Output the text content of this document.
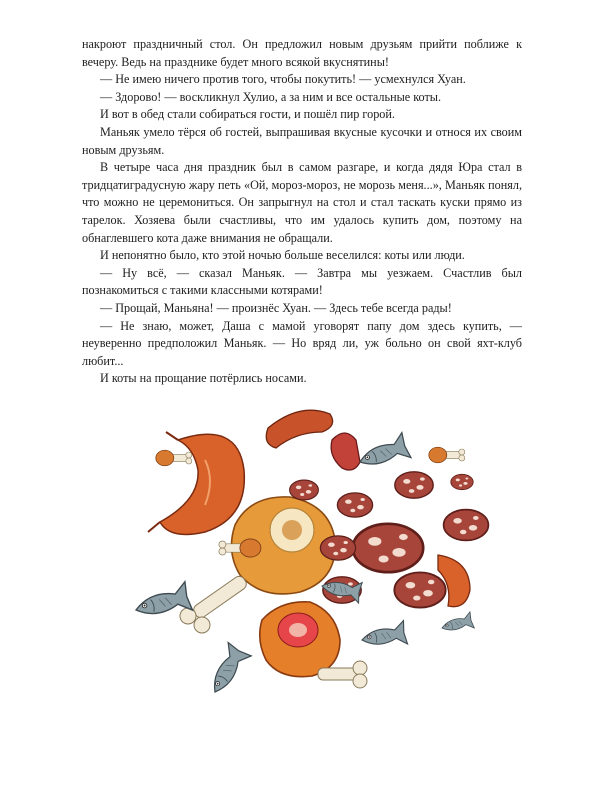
накроют праздничный стол. Он предложил новым друзьям прийти поближе к вечеру. Ведь на празднике будет много всякой вкуснятины!

— Не имею ничего против того, чтобы покутить! — усмехнулся Хуан.

— Здорово! — воскликнул Хулио, а за ним и все остальные коты.

И вот в обед стали собираться гости, и пошёл пир горой.

Маньяк умело тёрся об гостей, выпрашивая вкусные кусочки и относя их своим новым друзьям.

В четыре часа дня праздник был в самом разгаре, и когда дядя Юра стал в тридцатиградусную жару петь «Ой, мороз-мороз, не морозь меня...», Маньяк понял, что можно не церемониться. Он запрыгнул на стол и стал таскать куски прямо из тарелок. Хозяева были счастливы, что им удалось купить дом, поэтому на обнаглевшего кота даже внимания не обращали.

И непонятно было, кто этой ночью больше веселился: коты или люди.

— Ну всё, — сказал Маньяк. — Завтра мы уезжаем. Счастлив был познакомиться с такими классными котярами!

— Прощай, Маньяна! — произнёс Хуан. — Здесь тебе всегда рады!

— Не знаю, может, Даша с мамой уговорят папу дом здесь купить, — неуверенно предположил Маньяк. — Но вряд ли, уж больно он свой яхт-клуб любит...

И коты на прощание потёрлись носами.
